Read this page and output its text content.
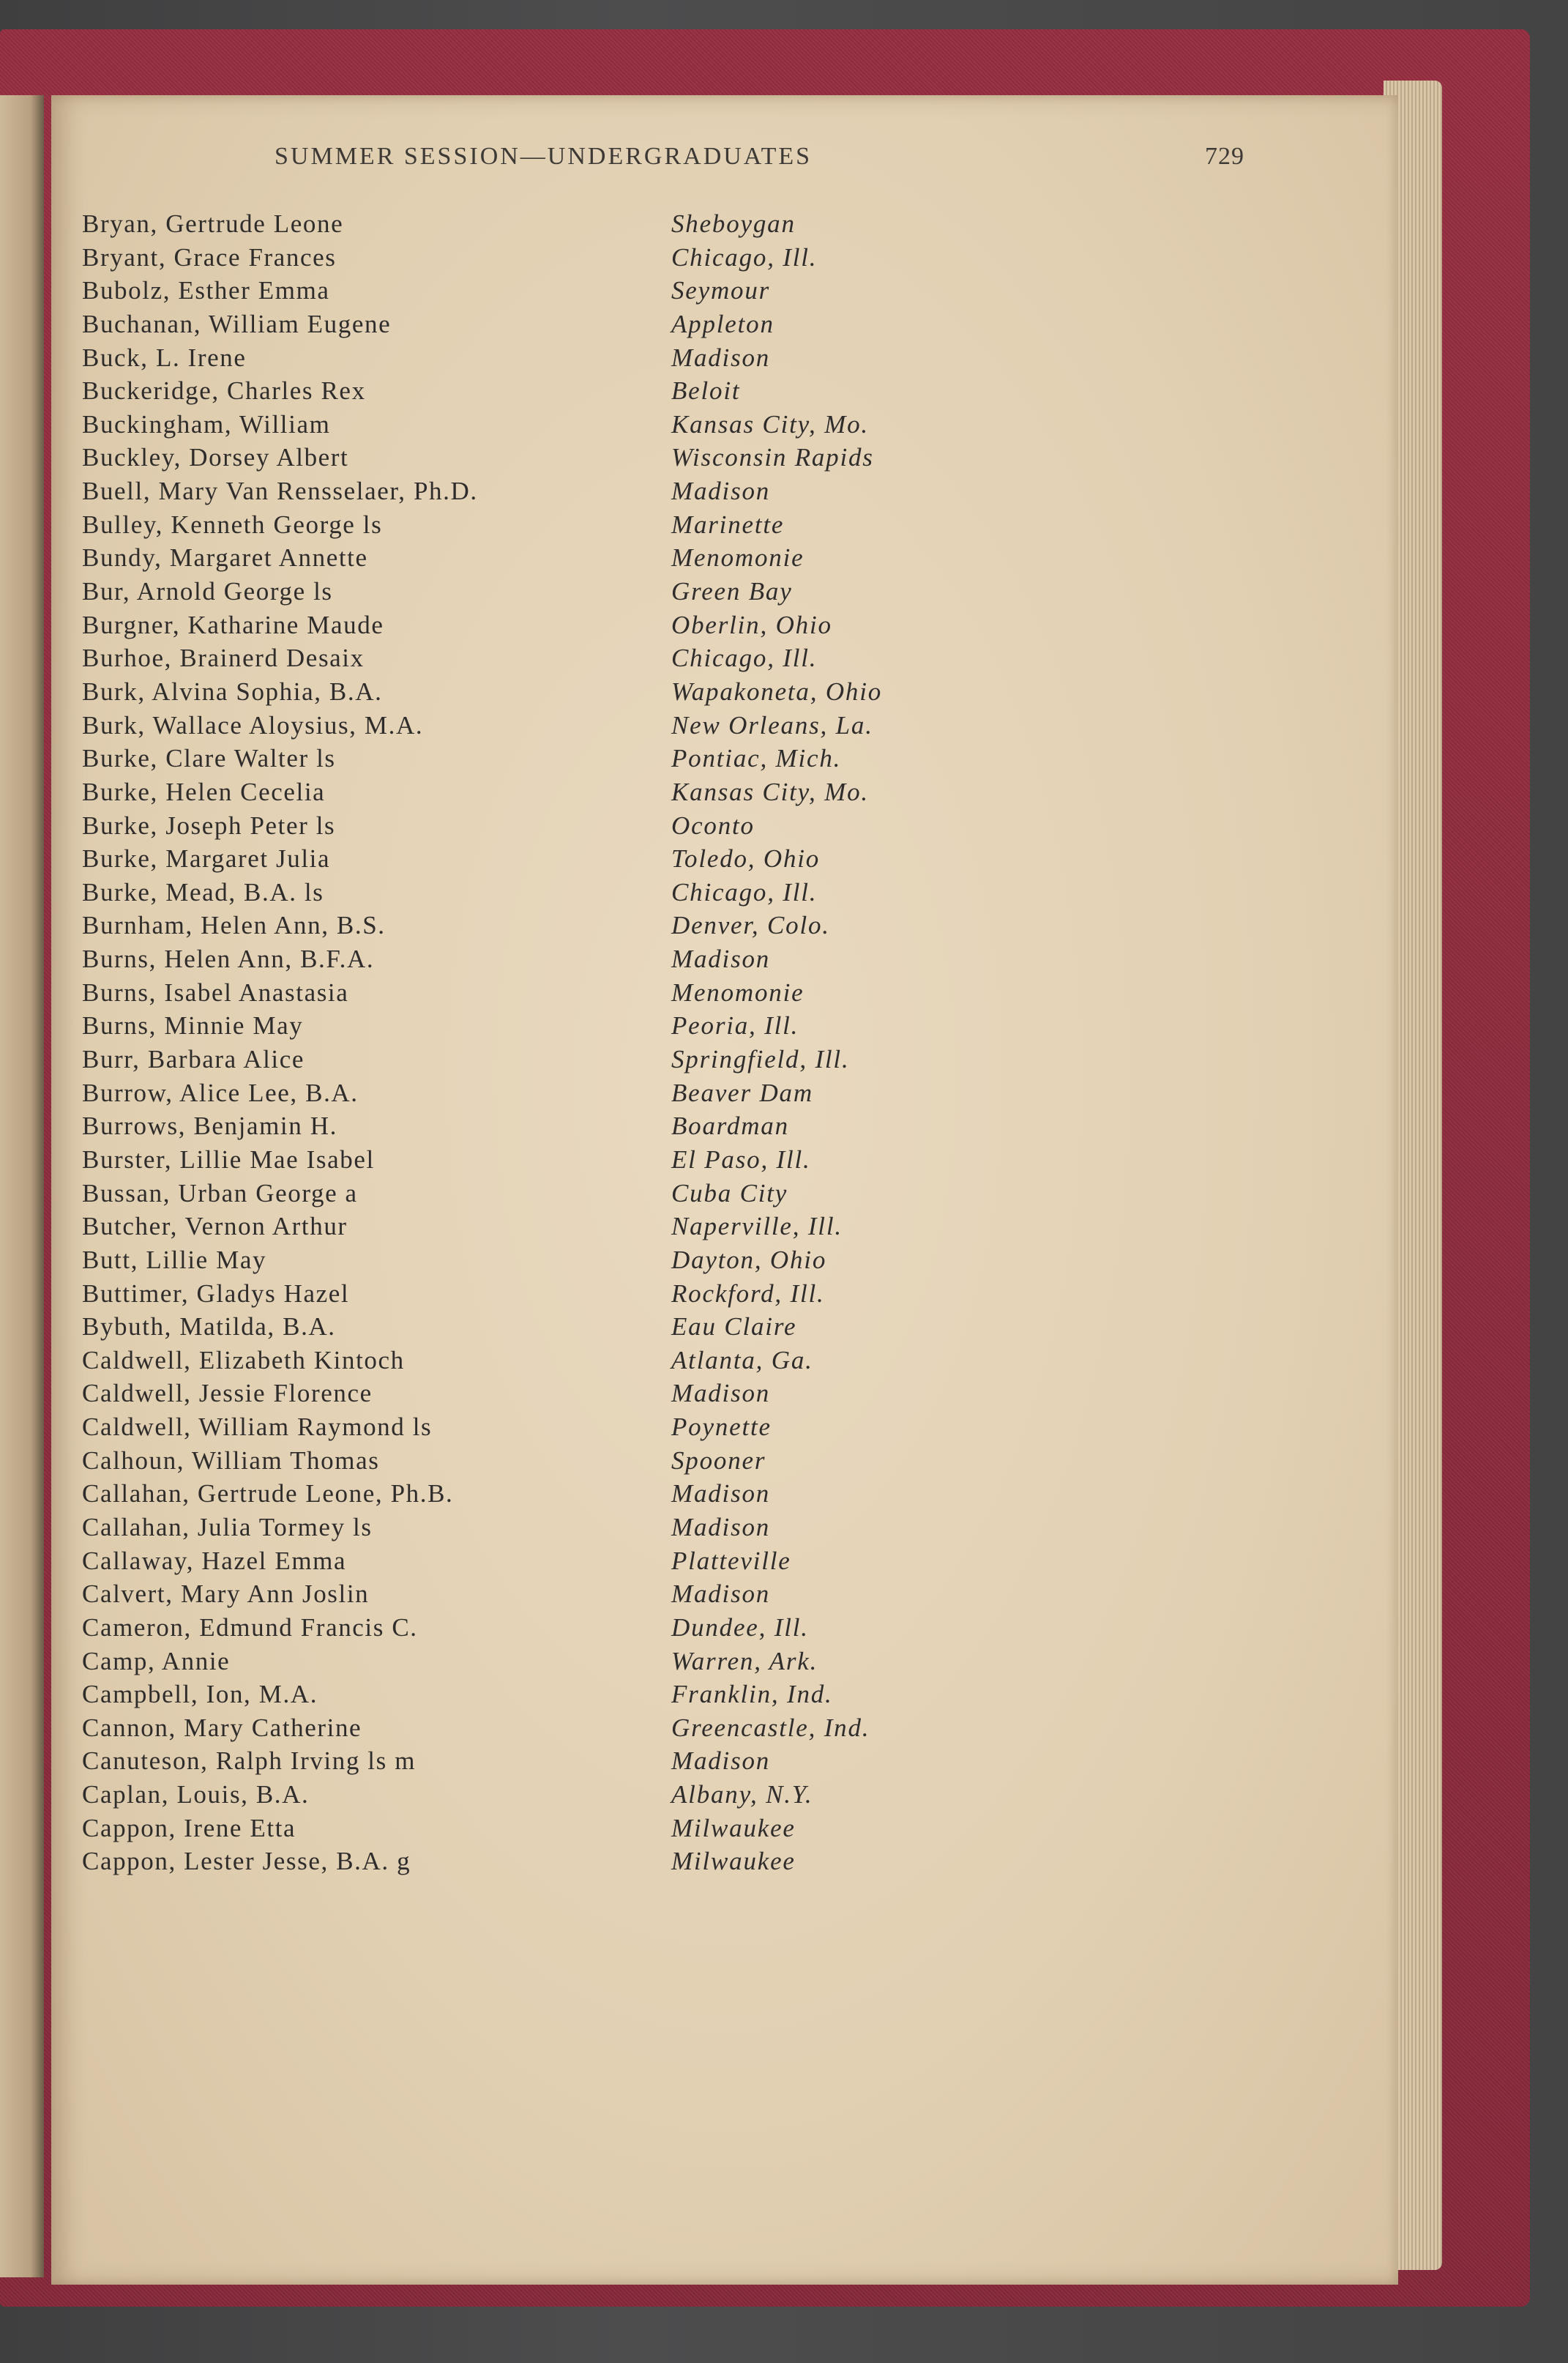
SUMMER SESSION—UNDERGRADUATES	729
Bryan, Gertrude Leone	Sheboygan
Bryant, Grace Frances	Chicago, Ill.
Bubolz, Esther Emma	Seymour
Buchanan, William Eugene	Appleton
Buck, L. Irene	Madison
Buckeridge, Charles Rex	Beloit
Buckingham, William	Kansas City, Mo.
Buckley, Dorsey Albert	Wisconsin Rapids
Buell, Mary Van Rensselaer, Ph.D.	Madison
Bulley, Kenneth George ls	Marinette
Bundy, Margaret Annette	Menomonie
Bur, Arnold George ls	Green Bay
Burgner, Katharine Maude	Oberlin, Ohio
Burhoe, Brainerd Desaix	Chicago, Ill.
Burk, Alvina Sophia, B.A.	Wapakoneta, Ohio
Burk, Wallace Aloysius, M.A.	New Orleans, La.
Burke, Clare Walter ls	Pontiac, Mich.
Burke, Helen Cecelia	Kansas City, Mo.
Burke, Joseph Peter ls	Oconto
Burke, Margaret Julia	Toledo, Ohio
Burke, Mead, B.A. ls	Chicago, Ill.
Burnham, Helen Ann, B.S.	Denver, Colo.
Burns, Helen Ann, B.F.A.	Madison
Burns, Isabel Anastasia	Menomonie
Burns, Minnie May	Peoria, Ill.
Burr, Barbara Alice	Springfield, Ill.
Burrow, Alice Lee, B.A.	Beaver Dam
Burrows, Benjamin H.	Boardman
Burster, Lillie Mae Isabel	El Paso, Ill.
Bussan, Urban George a	Cuba City
Butcher, Vernon Arthur	Naperville, Ill.
Butt, Lillie May	Dayton, Ohio
Buttimer, Gladys Hazel	Rockford, Ill.
Bybuth, Matilda, B.A.	Eau Claire
Caldwell, Elizabeth Kintoch	Atlanta, Ga.
Caldwell, Jessie Florence	Madison
Caldwell, William Raymond ls	Poynette
Calhoun, William Thomas	Spooner
Callahan, Gertrude Leone, Ph.B.	Madison
Callahan, Julia Tormey ls	Madison
Callaway, Hazel Emma	Platteville
Calvert, Mary Ann Joslin	Madison
Cameron, Edmund Francis C.	Dundee, Ill.
Camp, Annie	Warren, Ark.
Campbell, Ion, M.A.	Franklin, Ind.
Cannon, Mary Catherine	Greencastle, Ind.
Canuteson, Ralph Irving ls m	Madison
Caplan, Louis, B.A.	Albany, N.Y.
Cappon, Irene Etta	Milwaukee
Cappon, Lester Jesse, B.A. g	Milwaukee
